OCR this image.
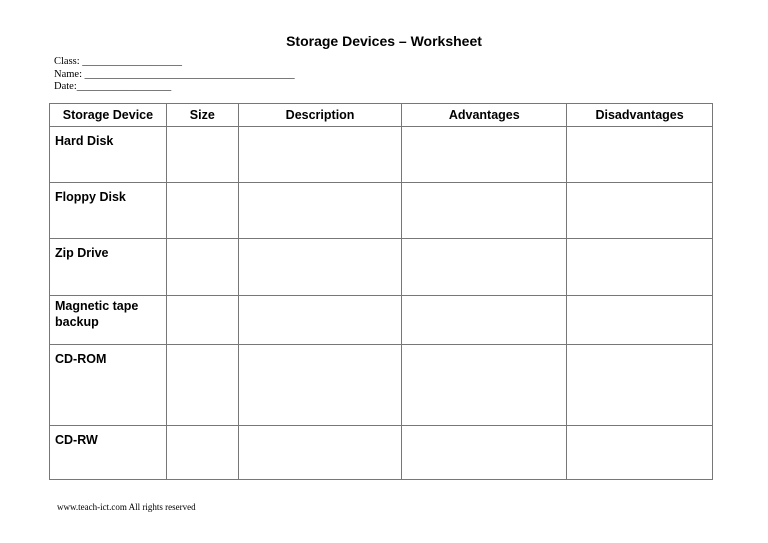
Storage Devices – Worksheet
Class: ___________________
Name: ________________________________________
Date:__________________
Storage Device	Size	Description	Advantages	Disadvantages
Hard Disk				
Floppy Disk				
Zip Drive				
Magnetic tape backup				
CD-ROM				
CD-RW				
www.teach-ict.com All rights reserved
